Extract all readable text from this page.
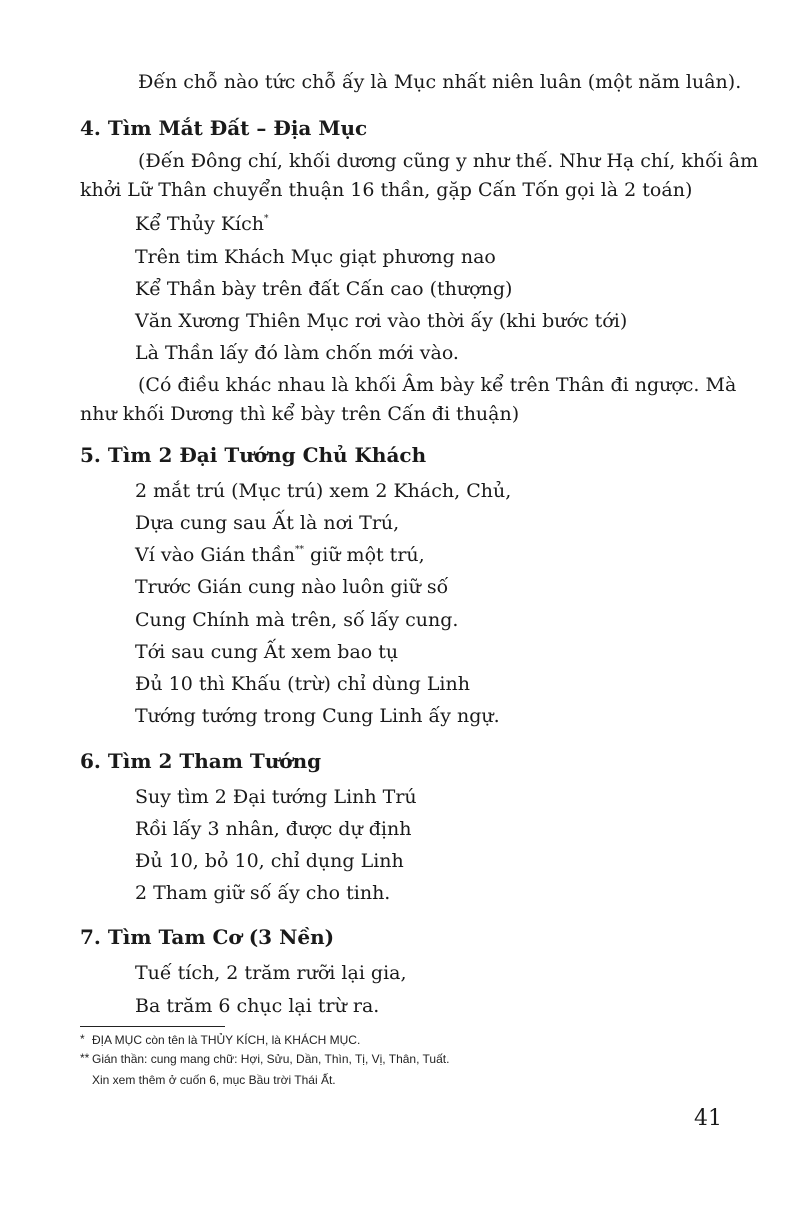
Đến chỗ nào tức chỗ ấy là Mục nhất niên luân (một năm luân).
4. Tìm Mắt Đất – Địa Mục
(Đến Đông chí, khối dương cũng y như thế. Như Hạ chí, khối âm
khởi Lữ Thân chuyển thuận 16 thần, gặp Cấn Tốn gọi là 2 toán)
Kể Thủy Kích*
Trên tim Khách Mục giạt phương nao
Kể Thần bày trên đất Cấn cao (thượng)
Văn Xương Thiên Mục rơi vào thời ấy (khi bước tới)
Là Thần lấy đó làm chốn mới vào.
(Có điều khác nhau là khối Âm bày kể trên Thân đi ngược. Mà
như khối Dương thì kể bày trên Cấn đi thuận)
5. Tìm 2 Đại Tướng Chủ Khách
2 mắt trú (Mục trú) xem 2 Khách, Chủ,
Dựa cung sau Ất là nơi Trú,
Ví vào Gián thần** giữ một trú,
Trước Gián cung nào luôn giữ số
Cung Chính mà trên, số lấy cung.
Tới sau cung Ất xem bao tụ
Đủ 10 thì Khấu (trừ) chỉ dùng Linh
Tướng tướng trong Cung Linh ấy ngự.
6. Tìm 2 Tham Tướng
Suy tìm 2 Đại tướng Linh Trú
Rồi lấy 3 nhân, được dự định
Đủ 10, bỏ 10, chỉ dụng Linh
2 Tham giữ số ấy cho tinh.
7. Tìm Tam Cơ (3 Nền)
Tuế tích, 2 trăm rưỡi lại gia,
Ba trăm 6 chục lại trừ ra.
* ĐỊA MỤC còn tên là THỦY KÍCH, là KHÁCH MỤC.
** Gián thần: cung mang chữ: Hợi, Sửu, Dần, Thìn, Tị, Vị, Thân, Tuất.
Xin xem thêm ở cuốn 6, mục Bầu trời Thái Ất.
41
